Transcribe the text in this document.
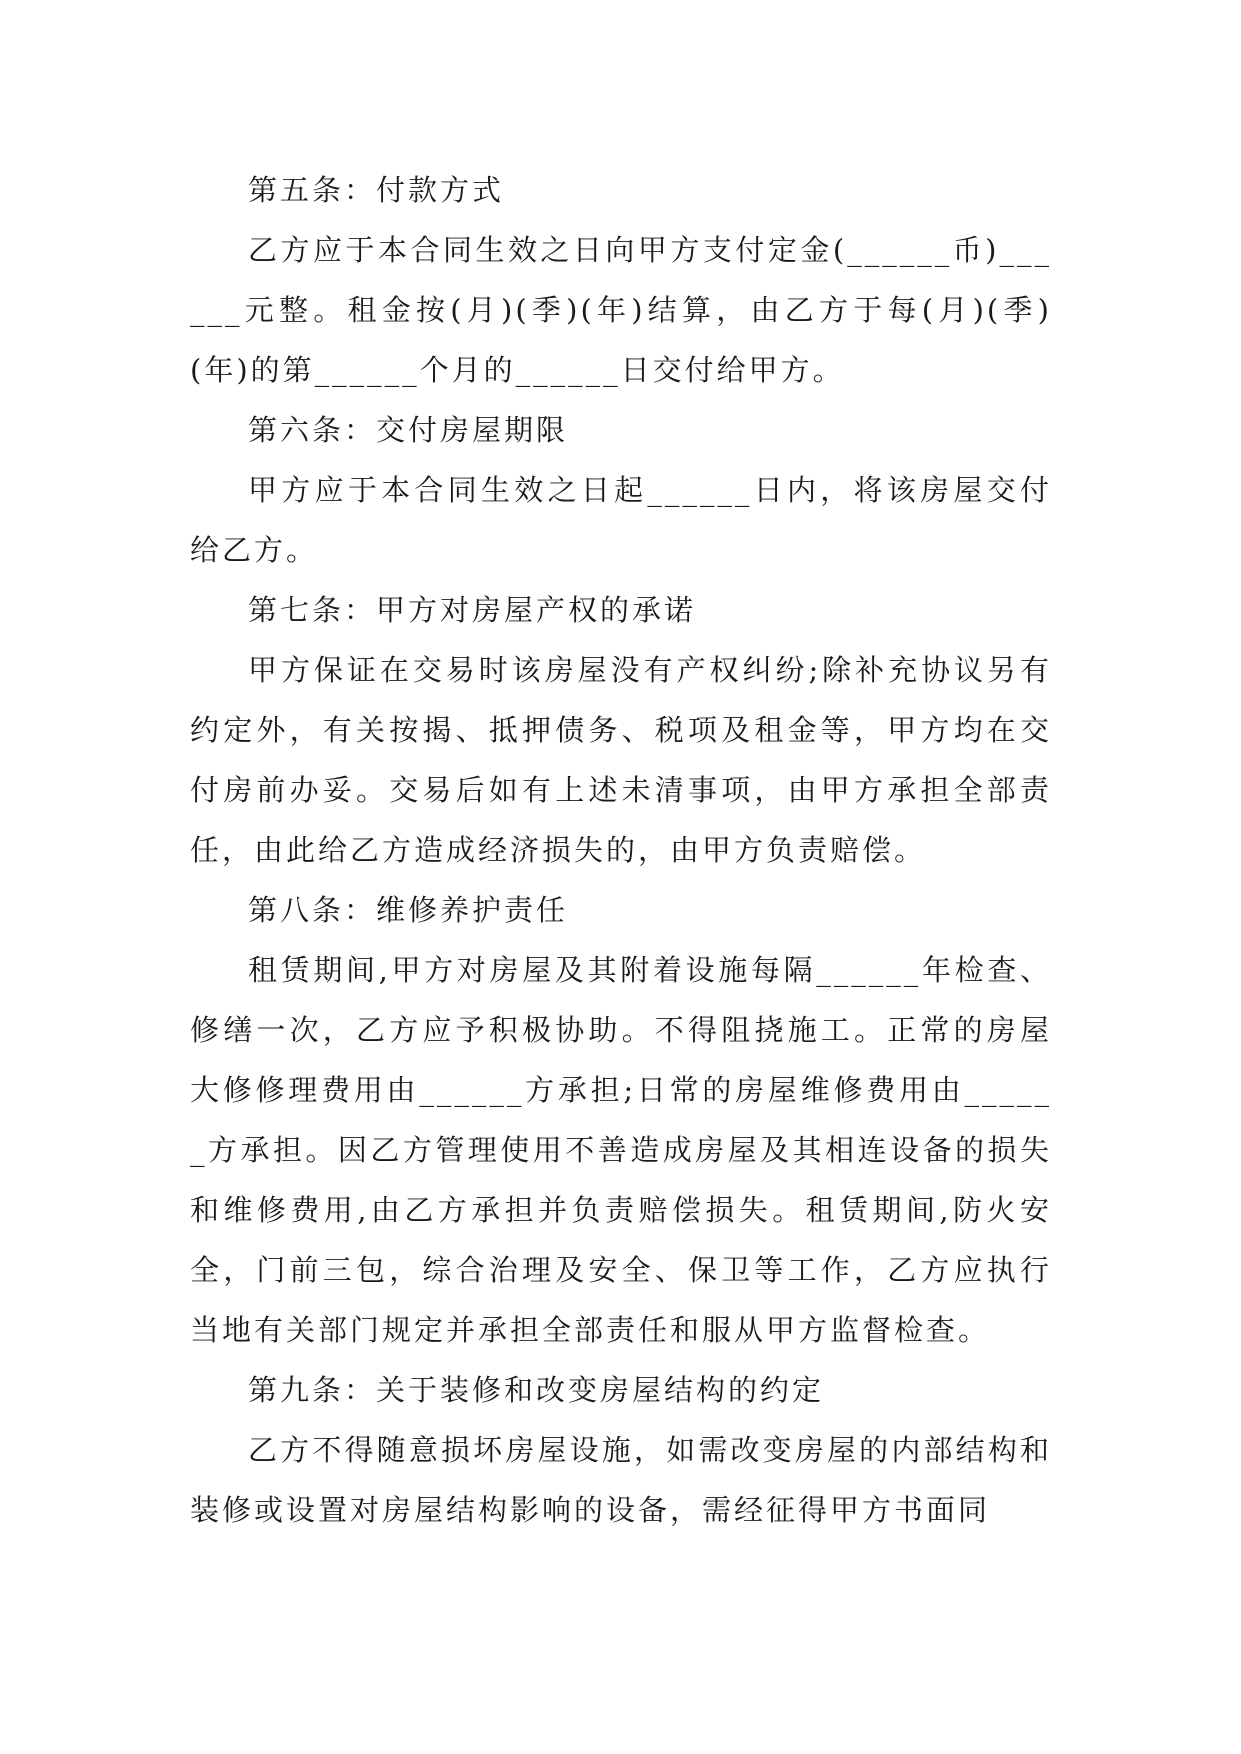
第五条：付款方式

乙方应于本合同生效之日向甲方支付定金(______币)______元整。租金按(月)(季)(年)结算，由乙方于每(月)(季)(年)的第______个月的______日交付给甲方。

第六条：交付房屋期限

甲方应于本合同生效之日起______日内，将该房屋交付给乙方。

第七条：甲方对房屋产权的承诺

甲方保证在交易时该房屋没有产权纠纷;除补充协议另有约定外，有关按揭、抵押债务、税项及租金等，甲方均在交付房前办妥。交易后如有上述未清事项，由甲方承担全部责任，由此给乙方造成经济损失的，由甲方负责赔偿。

第八条：维修养护责任

租赁期间,甲方对房屋及其附着设施每隔______年检查、修缮一次，乙方应予积极协助。不得阻挠施工。正常的房屋大修修理费用由______方承担;日常的房屋维修费用由______方承担。因乙方管理使用不善造成房屋及其相连设备的损失和维修费用,由乙方承担并负责赔偿损失。租赁期间,防火安全，门前三包，综合治理及安全、保卫等工作，乙方应执行当地有关部门规定并承担全部责任和服从甲方监督检查。

第九条：关于装修和改变房屋结构的约定

乙方不得随意损坏房屋设施，如需改变房屋的内部结构和装修或设置对房屋结构影响的设备，需经征得甲方书面同
